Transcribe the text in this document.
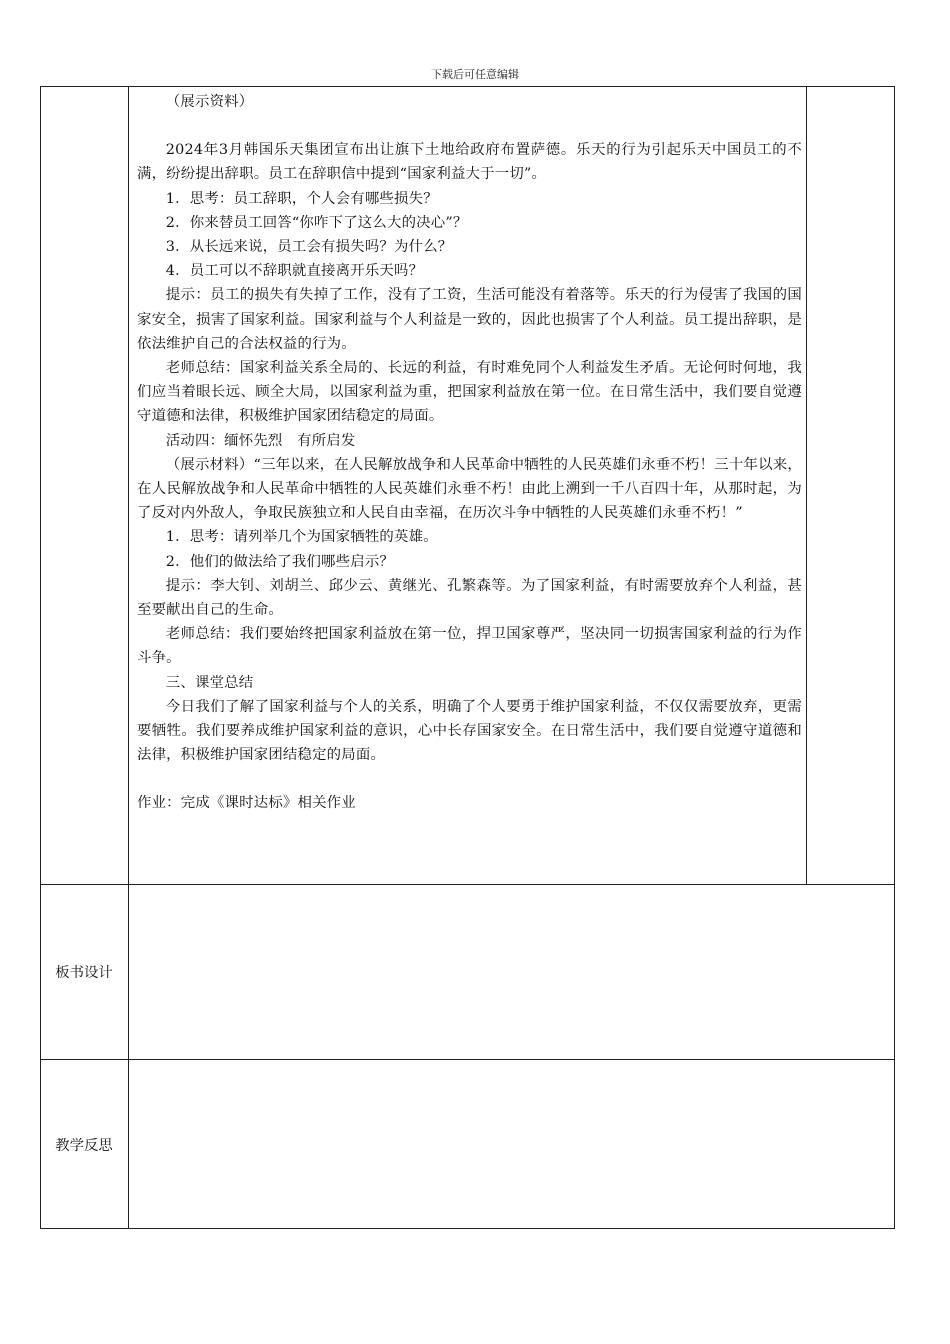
下载后可任意编辑

（展示资料）

2024年3月韩国乐天集团宣布出让旗下土地给政府布置萨德。乐天的行为引起乐天中国员工的不满，纷纷提出辞职。员工在辞职信中提到“国家利益大于一切”。

1．思考：员工辞职，个人会有哪些损失？

2．你来替员工回答“你咋下了这么大的决心”？

3．从长远来说，员工会有损失吗？为什么？

4．员工可以不辞职就直接离开乐天吗？

提示：员工的损失有失掉了工作，没有了工资，生活可能没有着落等。乐天的行为侵害了我国的国家安全，损害了国家利益。国家利益与个人利益是一致的，因此也损害了个人利益。员工提出辞职，是依法维护自己的合法权益的行为。

老师总结：国家利益关系全局的、长远的利益，有时难免同个人利益发生矛盾。无论何时何地，我们应当着眼长远、顾全大局，以国家利益为重，把国家利益放在第一位。在日常生活中，我们要自觉遵守道德和法律，积极维护国家团结稳定的局面。

活动四：缅怀先烈　有所启发

（展示材料）“三年以来，在人民解放战争和人民革命中牺牲的人民英雄们永垂不朽！三十年以来，在人民解放战争和人民革命中牺牲的人民英雄们永垂不朽！由此上溯到一千八百四十年，从那时起，为了反对内外敌人，争取民族独立和人民自由幸福，在历次斗争中牺牲的人民英雄们永垂不朽！”

1．思考：请列举几个为国家牺牲的英雄。

2．他们的做法给了我们哪些启示？

提示：李大钊、刘胡兰、邱少云、黄继光、孔繁森等。为了国家利益，有时需要放弃个人利益，甚至要献出自己的生命。

老师总结：我们要始终把国家利益放在第一位，捍卫国家尊严，坚决同一切损害国家利益的行为作斗争。

三、课堂总结

今日我们了解了国家利益与个人的关系，明确了个人要勇于维护国家利益，不仅仅需要放弃，更需要牺牲。我们要养成维护国家利益的意识，心中长存国家安全。在日常生活中，我们要自觉遵守道德和法律，积极维护国家团结稳定的局面。

作业：完成《课时达标》相关作业

板书设计
教学反思
